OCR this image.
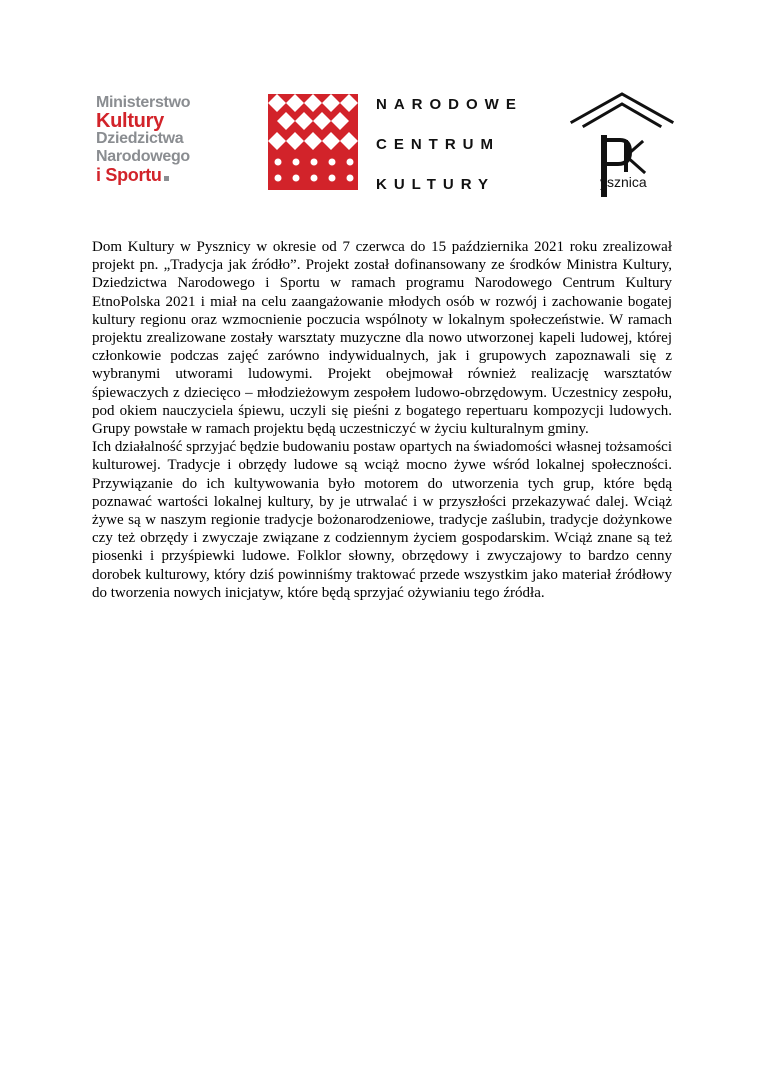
Ministerstwo
Kultury
Dziedzictwa
Narodowego
i Sportu
NARODOWE
CENTRUM
KULTURY	ysznica

Dom Kultury w Pysznicy w okresie od 7 czerwca do 15 października 2021 roku zrealizował projekt pn. „Tradycja jak źródło”. Projekt został dofinansowany ze środków Ministra Kultury, Dziedzictwa Narodowego i Sportu w ramach programu Narodowego Centrum Kultury EtnoPolska 2021 i miał na celu zaangażowanie młodych osób w rozwój i zachowanie bogatej kultury regionu oraz wzmocnienie poczucia wspólnoty w lokalnym społeczeństwie. W ramach projektu zrealizowane zostały warsztaty muzyczne dla nowo utworzonej kapeli ludowej, której członkowie podczas zajęć zarówno indywidualnych, jak i grupowych zapoznawali się z wybranymi utworami ludowymi. Projekt obejmował również realizację warsztatów śpiewaczych z dziecięco – młodzieżowym zespołem ludowo-obrzędowym. Uczestnicy zespołu, pod okiem nauczyciela śpiewu, uczyli się pieśni z bogatego repertuaru kompozycji ludowych. Grupy powstałe w ramach projektu będą uczestniczyć w życiu kulturalnym gminy.

Ich działalność sprzyjać będzie budowaniu postaw opartych na świadomości własnej tożsamości kulturowej. Tradycje i obrzędy ludowe są wciąż mocno żywe wśród lokalnej społeczności. Przywiązanie do ich kultywowania było motorem do utworzenia tych grup, które będą poznawać wartości lokalnej kultury, by je utrwalać i w przyszłości przekazywać dalej. Wciąż żywe są w naszym regionie tradycje bożonarodzeniowe, tradycje zaślubin, tradycje dożynkowe czy też obrzędy i zwyczaje związane z codziennym życiem gospodarskim. Wciąż znane są też piosenki i przyśpiewki ludowe. Folklor słowny, obrzędowy i zwyczajowy to bardzo cenny dorobek kulturowy, który dziś powinniśmy traktować przede wszystkim jako materiał źródłowy do tworzenia nowych inicjatyw, które będą sprzyjać ożywianiu tego źródła.
